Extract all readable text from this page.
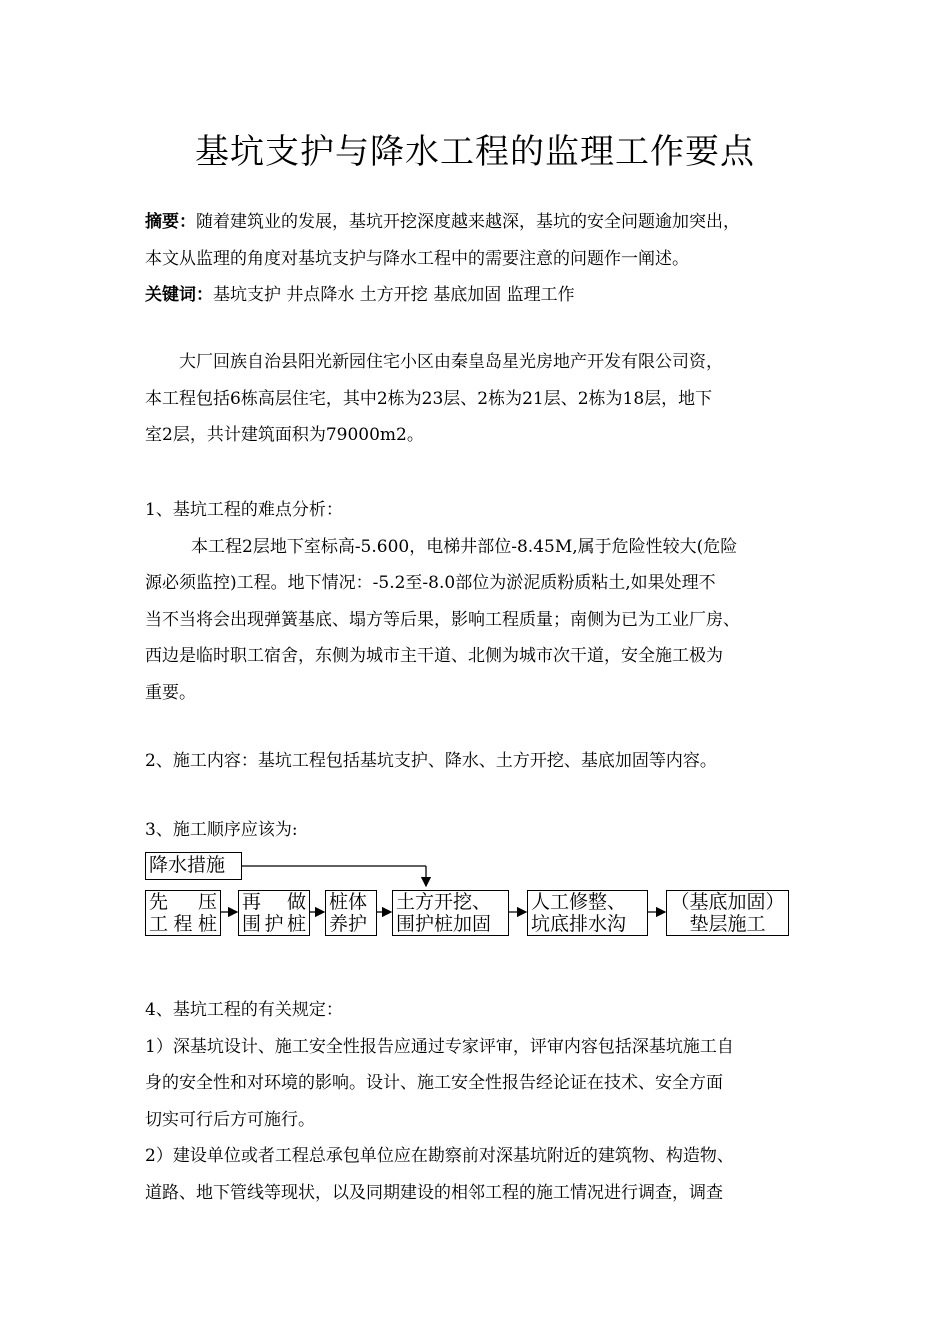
基坑支护与降水工程的监理工作要点

摘要：随着建筑业的发展，基坑开挖深度越来越深，基坑的安全问题逾加突出，

本文从监理的角度对基坑支护与降水工程中的需要注意的问题作一阐述。

关键词：基坑支护 井点降水 土方开挖 基底加固 监理工作

大厂回族自治县阳光新园住宅小区由秦皇岛星光房地产开发有限公司资，

本工程包括6栋高层住宅，其中2栋为23层、2栋为21层、2栋为18层，地下

室2层，共计建筑面积为79000m2。

1、基坑工程的难点分析：

本工程2层地下室标高-5.600，电梯井部位-8.45M,属于危险性较大(危险

源必须监控)工程。地下情况：-5.2至-8.0部位为淤泥质粉质粘土,如果处理不

当不当将会出现弹簧基底、塌方等后果，影响工程质量；南侧为已为工业厂房、

西边是临时职工宿舍，东侧为城市主干道、北侧为城市次干道，安全施工极为

重要。

2、施工内容：基坑工程包括基坑支护、降水、土方开挖、基底加固等内容。

3、施工顺序应该为:

降水措施
先　压
工程桩
再　做
围护桩
桩体
养护
土方开挖、
围护桩加固
人工修整、
坑底排水沟
（基底加固）
垫层施工

4、基坑工程的有关规定：

1）深基坑设计、施工安全性报告应通过专家评审，评审内容包括深基坑施工自

身的安全性和对环境的影响。设计、施工安全性报告经论证在技术、安全方面

切实可行后方可施行。

2）建设单位或者工程总承包单位应在勘察前对深基坑附近的建筑物、构造物、

道路、地下管线等现状，以及同期建设的相邻工程的施工情况进行调查，调查
